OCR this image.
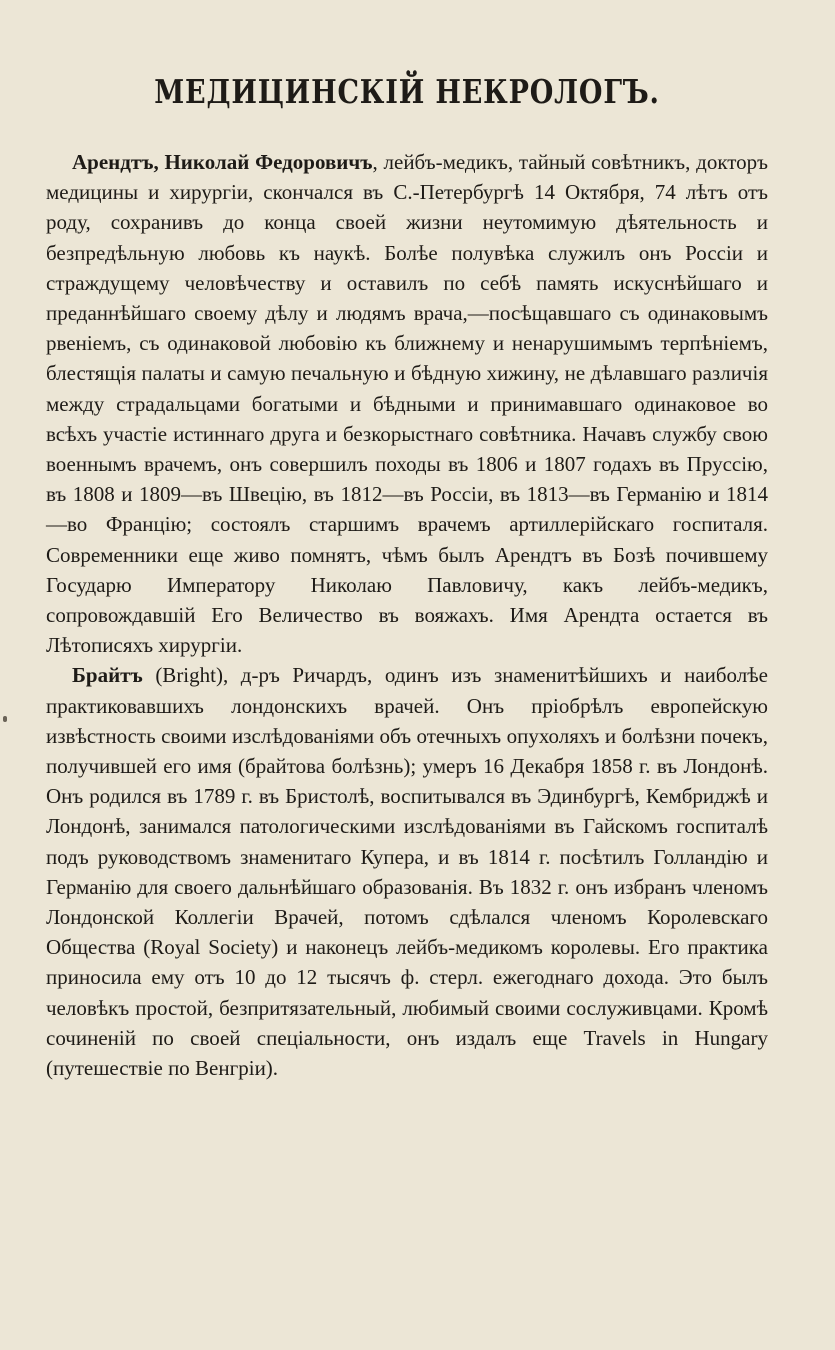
МЕДИЦИНСКІЙ НЕКРОЛОГЪ.

Арендтъ, Николай Федоровичъ, лейбъ-медикъ, тайный совѣтникъ, докторъ медицины и хирургіи, скончался въ С.-Петербургѣ 14 Октября, 74 лѣтъ отъ роду, сохранивъ до конца своей жизни неутомимую дѣятельность и безпредѣльную любовь къ наукѣ. Болѣе полувѣка служилъ онъ Россіи и страждущему человѣчеству и оставилъ по себѣ память искуснѣйшаго и преданнѣйшаго своему дѣлу и людямъ врача,—посѣщавшаго съ одинаковымъ рвеніемъ, съ одинаковой любовію къ ближнему и ненарушимымъ терпѣніемъ, блестящія палаты и самую печальную и бѣдную хижину, не дѣлавшаго различія между страдальцами богатыми и бѣдными и принимавшаго одинаковое во всѣхъ участіе истиннаго друга и безкорыстнаго совѣтника. Начавъ службу свою военнымъ врачемъ, онъ совершилъ походы въ 1806 и 1807 годахъ въ Пруссію, въ 1808 и 1809—въ Швецію, въ 1812—въ Россіи, въ 1813—въ Германію и 1814—во Францію; состоялъ старшимъ врачемъ артиллерійскаго госпиталя. Современники еще живо помнятъ, чѣмъ былъ Арендтъ въ Бозѣ почившему Государю Императору Николаю Павловичу, какъ лейбъ-медикъ, сопровождавшій Его Величество въ вояжахъ. Имя Арендта остается въ Лѣтописяхъ хирургіи.

Брайтъ (Bright), д-ръ Ричардъ, одинъ изъ знаменитѣйшихъ и наиболѣе практиковавшихъ лондонскихъ врачей. Онъ пріобрѣлъ европейскую извѣстность своими изслѣдованіями объ отечныхъ опухоляхъ и болѣзни почекъ, получившей его имя (брайтова болѣзнь); умеръ 16 Декабря 1858 г. въ Лондонѣ. Онъ родился въ 1789 г. въ Бристолѣ, воспитывался въ Эдинбургѣ, Кембриджѣ и Лондонѣ, занимался патологическими изслѣдованіями въ Гайскомъ госпиталѣ подъ руководствомъ знаменитаго Купера, и въ 1814 г. посѣтилъ Голландію и Германію для своего дальнѣйшаго образованія. Въ 1832 г. онъ избранъ членомъ Лондонской Коллегіи Врачей, потомъ сдѣлался членомъ Королевскаго Общества (Royal Society) и наконецъ лейбъ-медикомъ королевы. Его практика приносила ему отъ 10 до 12 тысячъ ф. стерл. ежегоднаго дохода. Это былъ человѣкъ простой, безпритязательный, любимый своими сослуживцами. Кромѣ сочиненій по своей спеціальности, онъ издалъ еще Travels in Hungary (путешествіе по Венгріи).
